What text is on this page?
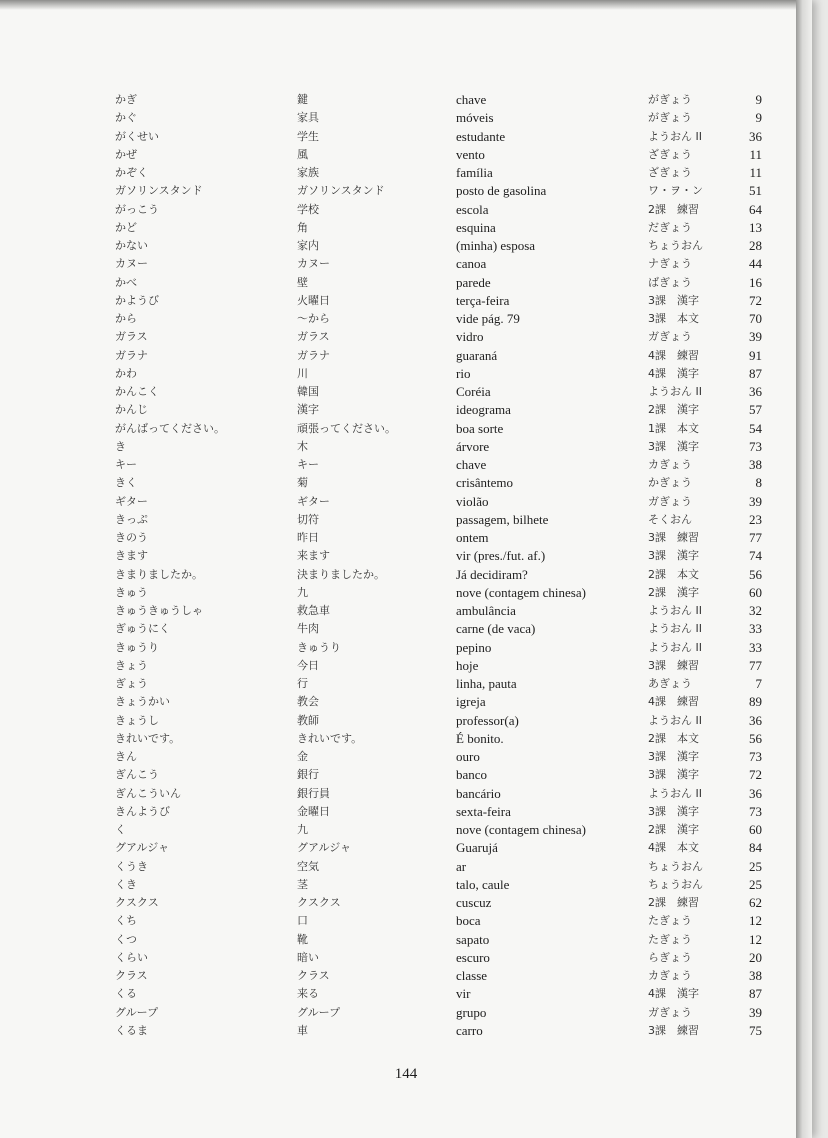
かぎ	鍵	chave	がぎょう	9
かぐ	家具	móveis	がぎょう	9
がくせい	学生	estudante	ようおん II	36
かぜ	風	vento	ざぎょう	11
かぞく	家族	família	ざぎょう	11
ガソリンスタンド	ガソリンスタンド	posto de gasolina	ワ・ヲ・ン	51
がっこう	学校	escola	2課　練習	64
かど	角	esquina	だぎょう	13
かない	家内	(minha) esposa	ちょうおん	28
カヌー	カヌー	canoa	ナぎょう	44
かべ	壁	parede	ばぎょう	16
かようび	火曜日	terça-feira	3課　漢字	72
から	〜から	vide pág. 79	3課　本文	70
ガラス	ガラス	vidro	ガぎょう	39
ガラナ	ガラナ	guaraná	4課　練習	91
かわ	川	rio	4課　漢字	87
かんこく	韓国	Coréia	ようおん II	36
かんじ	漢字	ideograma	2課　漢字	57
がんばってください。	頑張ってください。	boa sorte	1課　本文	54
き	木	árvore	3課　漢字	73
キー	キー	chave	カぎょう	38
きく	菊	crisântemo	かぎょう	8
ギター	ギター	violão	ガぎょう	39
きっぷ	切符	passagem, bilhete	そくおん	23
きのう	昨日	ontem	3課　練習	77
きます	来ます	vir (pres./fut. af.)	3課　漢字	74
きまりましたか。	決まりましたか。	Já decidiram?	2課　本文	56
きゅう	九	nove (contagem chinesa)	2課　漢字	60
きゅうきゅうしゃ	救急車	ambulância	ようおん II	32
ぎゅうにく	牛肉	carne (de vaca)	ようおん II	33
きゅうり	きゅうり	pepino	ようおん II	33
きょう	今日	hoje	3課　練習	77
ぎょう	行	linha, pauta	あぎょう	7
きょうかい	教会	igreja	4課　練習	89
きょうし	教師	professor(a)	ようおん II	36
きれいです。	きれいです。	É bonito.	2課　本文	56
きん	金	ouro	3課　漢字	73
ぎんこう	銀行	banco	3課　漢字	72
ぎんこういん	銀行員	bancário	ようおん II	36
きんようび	金曜日	sexta-feira	3課　漢字	73
く	九	nove (contagem chinesa)	2課　漢字	60
グアルジャ	グアルジャ	Guarujá	4課　本文	84
くうき	空気	ar	ちょうおん	25
くき	茎	talo, caule	ちょうおん	25
クスクス	クスクス	cuscuz	2課　練習	62
くち	口	boca	たぎょう	12
くつ	靴	sapato	たぎょう	12
くらい	暗い	escuro	らぎょう	20
クラス	クラス	classe	カぎょう	38
くる	来る	vir	4課　漢字	87
グループ	グループ	grupo	ガぎょう	39
くるま	車	carro	3課　練習	75
144
